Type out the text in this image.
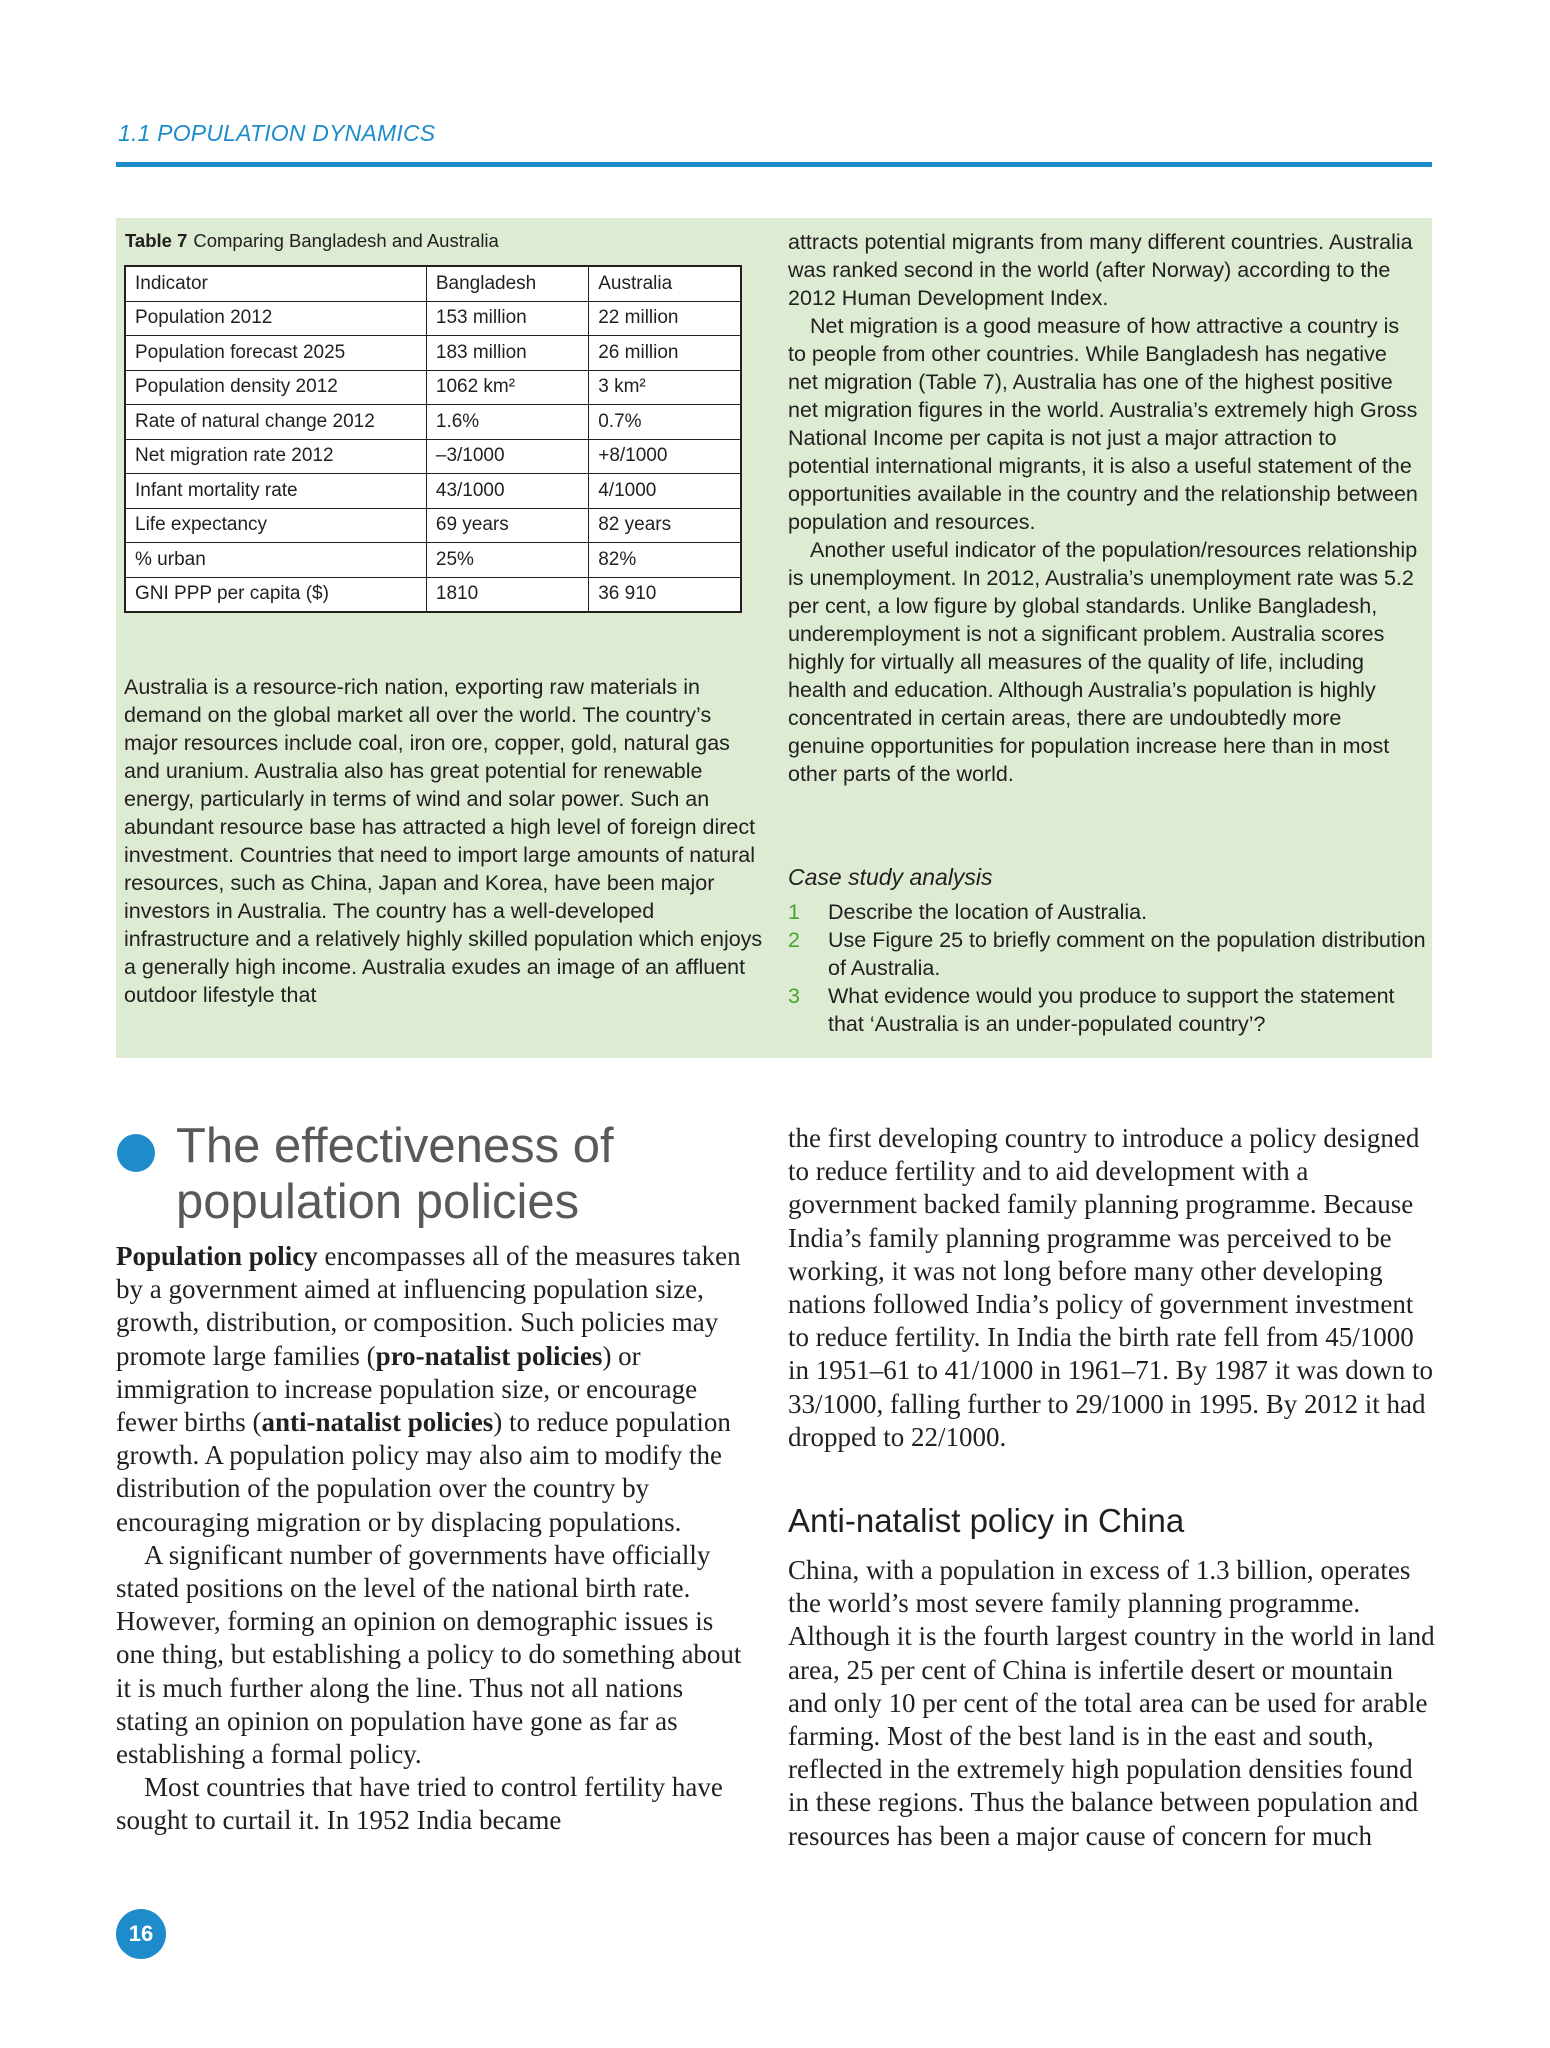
1.1 POPULATION DYNAMICS
Table 7 Comparing Bangladesh and Australia
Indicator	Bangladesh	Australia
Population 2012	153 million	22 million
Population forecast 2025	183 million	26 million
Population density 2012	1062 km²	3 km²
Rate of natural change 2012	1.6%	0.7%
Net migration rate 2012	–3/1000	+8/1000
Infant mortality rate	43/1000	4/1000
Life expectancy	69 years	82 years
% urban	25%	82%
GNI PPP per capita ($)	1810	36 910

Australia is a resource-rich nation, exporting raw materials in demand on the global market all over the world. The country’s major resources include coal, iron ore, copper, gold, natural gas and uranium. Australia also has great potential for renewable energy, particularly in terms of wind and solar power. Such an abundant resource base has attracted a high level of foreign direct investment. Countries that need to import large amounts of natural resources, such as China, Japan and Korea, have been major investors in Australia. The country has a well-developed infrastructure and a relatively highly skilled population which enjoys a generally high income. Australia exudes an image of an affluent outdoor lifestyle that

attracts potential migrants from many different countries. Australia was ranked second in the world (after Norway) according to the 2012 Human Development Index.

Net migration is a good measure of how attractive a country is to people from other countries. While Bangladesh has negative net migration (Table 7), Australia has one of the highest positive net migration figures in the world. Australia’s extremely high Gross National Income per capita is not just a major attraction to potential international migrants, it is also a useful statement of the opportunities available in the country and the relationship between population and resources.

Another useful indicator of the population/resources relationship is unemployment. In 2012, Australia’s unemployment rate was 5.2 per cent, a low figure by global standards. Unlike Bangladesh, underemployment is not a significant problem. Australia scores highly for virtually all measures of the quality of life, including health and education. Although Australia’s population is highly concentrated in certain areas, there are undoubtedly more genuine opportunities for population increase here than in most other parts of the world.

Case study analysis
1 Describe the location of Australia.
2 Use Figure 25 to briefly comment on the population distribution of Australia.
3 What evidence would you produce to support the statement that ‘Australia is an under-populated country’?
The effectiveness of population policies

Population policy encompasses all of the measures taken by a government aimed at influencing population size, growth, distribution, or composition. Such policies may promote large families (pro-natalist policies) or immigration to increase population size, or encourage fewer births (anti-natalist policies) to reduce population growth. A population policy may also aim to modify the distribution of the population over the country by encouraging migration or by displacing populations.

A significant number of governments have officially stated positions on the level of the national birth rate. However, forming an opinion on demographic issues is one thing, but establishing a policy to do something about it is much further along the line. Thus not all nations stating an opinion on population have gone as far as establishing a formal policy.

Most countries that have tried to control fertility have sought to curtail it. In 1952 India became

the first developing country to introduce a policy designed to reduce fertility and to aid development with a government backed family planning programme. Because India’s family planning programme was perceived to be working, it was not long before many other developing nations followed India’s policy of government investment to reduce fertility. In India the birth rate fell from 45/1000 in 1951–61 to 41/1000 in 1961–71. By 1987 it was down to 33/1000, falling further to 29/1000 in 1995. By 2012 it had dropped to 22/1000.

Anti-natalist policy in China

China, with a population in excess of 1.3 billion, operates the world’s most severe family planning programme. Although it is the fourth largest country in the world in land area, 25 per cent of China is infertile desert or mountain and only 10 per cent of the total area can be used for arable farming. Most of the best land is in the east and south, reflected in the extremely high population densities found in these regions. Thus the balance between population and resources has been a major cause of concern for much

16
